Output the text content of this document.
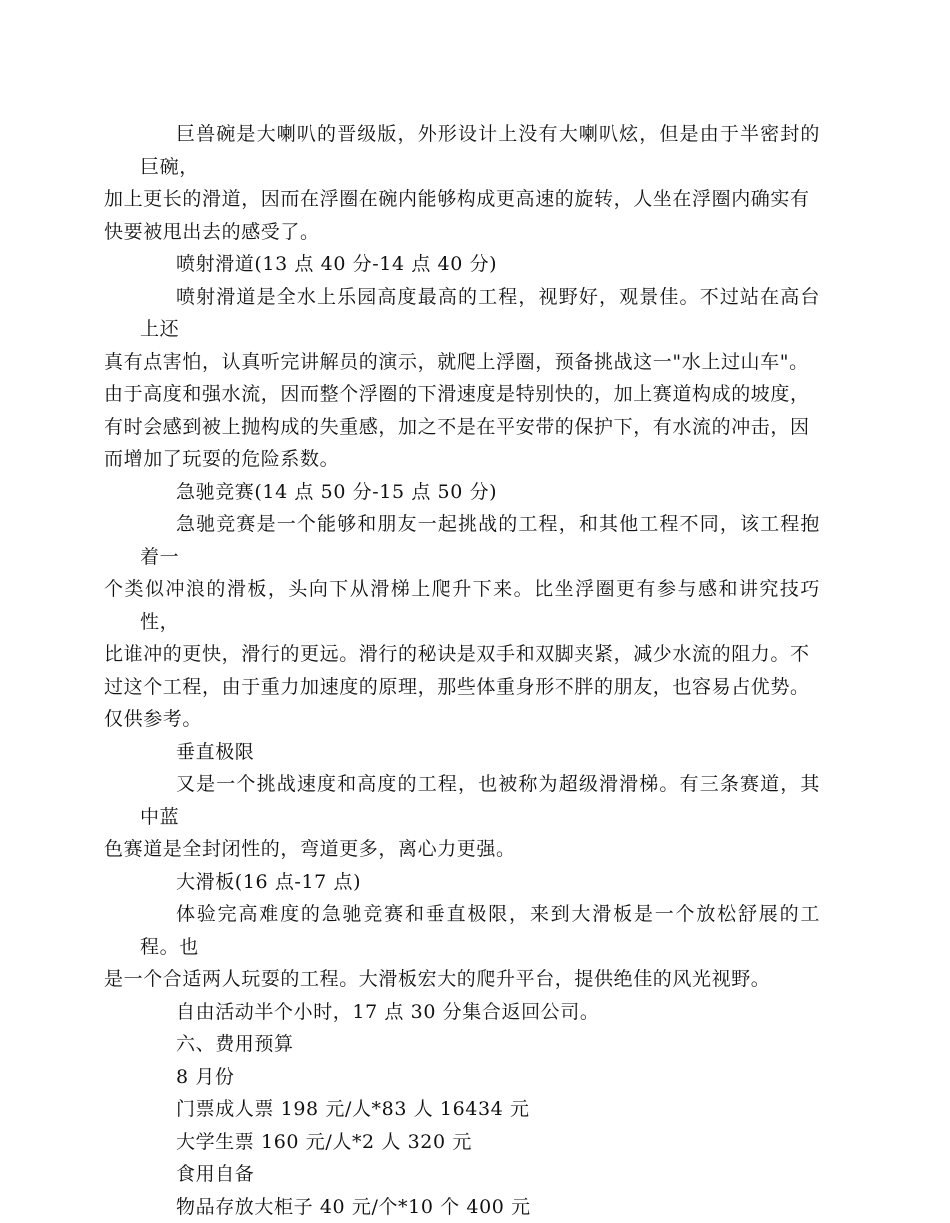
巨兽碗是大喇叭的晋级版，外形设计上没有大喇叭炫，但是由于半密封的巨碗，
加上更长的滑道，因而在浮圈在碗内能够构成更高速的旋转，人坐在浮圈内确实有
快要被甩出去的感受了。

喷射滑道(13 点 40 分-14 点 40 分)

喷射滑道是全水上乐园高度最高的工程，视野好，观景佳。不过站在高台上还
真有点害怕，认真听完讲解员的演示，就爬上浮圈，预备挑战这一"水上过山车"。
由于高度和强水流，因而整个浮圈的下滑速度是特别快的，加上赛道构成的坡度，
有时会感到被上抛构成的失重感，加之不是在平安带的保护下，有水流的冲击，因
而增加了玩耍的危险系数。

急驰竞赛(14 点 50 分-15 点 50 分)

急驰竞赛是一个能够和朋友一起挑战的工程，和其他工程不同，该工程抱着一
个类似冲浪的滑板，头向下从滑梯上爬升下来。比坐浮圈更有参与感和讲究技巧性，
比谁冲的更快，滑行的更远。滑行的秘诀是双手和双脚夹紧，减少水流的阻力。不
过这个工程，由于重力加速度的原理，那些体重身形不胖的朋友，也容易占优势。
仅供参考。

垂直极限

又是一个挑战速度和高度的工程，也被称为超级滑滑梯。有三条赛道，其中蓝
色赛道是全封闭性的，弯道更多，离心力更强。

大滑板(16 点-17 点)

体验完高难度的急驰竞赛和垂直极限，来到大滑板是一个放松舒展的工程。也
是一个合适两人玩耍的工程。大滑板宏大的爬升平台，提供绝佳的风光视野。

自由活动半个小时，17 点 30 分集合返回公司。

六、费用预算

8 月份

门票成人票 198 元/人*83 人 16434 元

大学生票 160 元/人*2 人 320 元

食用自备

物品存放大柜子 40 元/个*10 个 400 元
